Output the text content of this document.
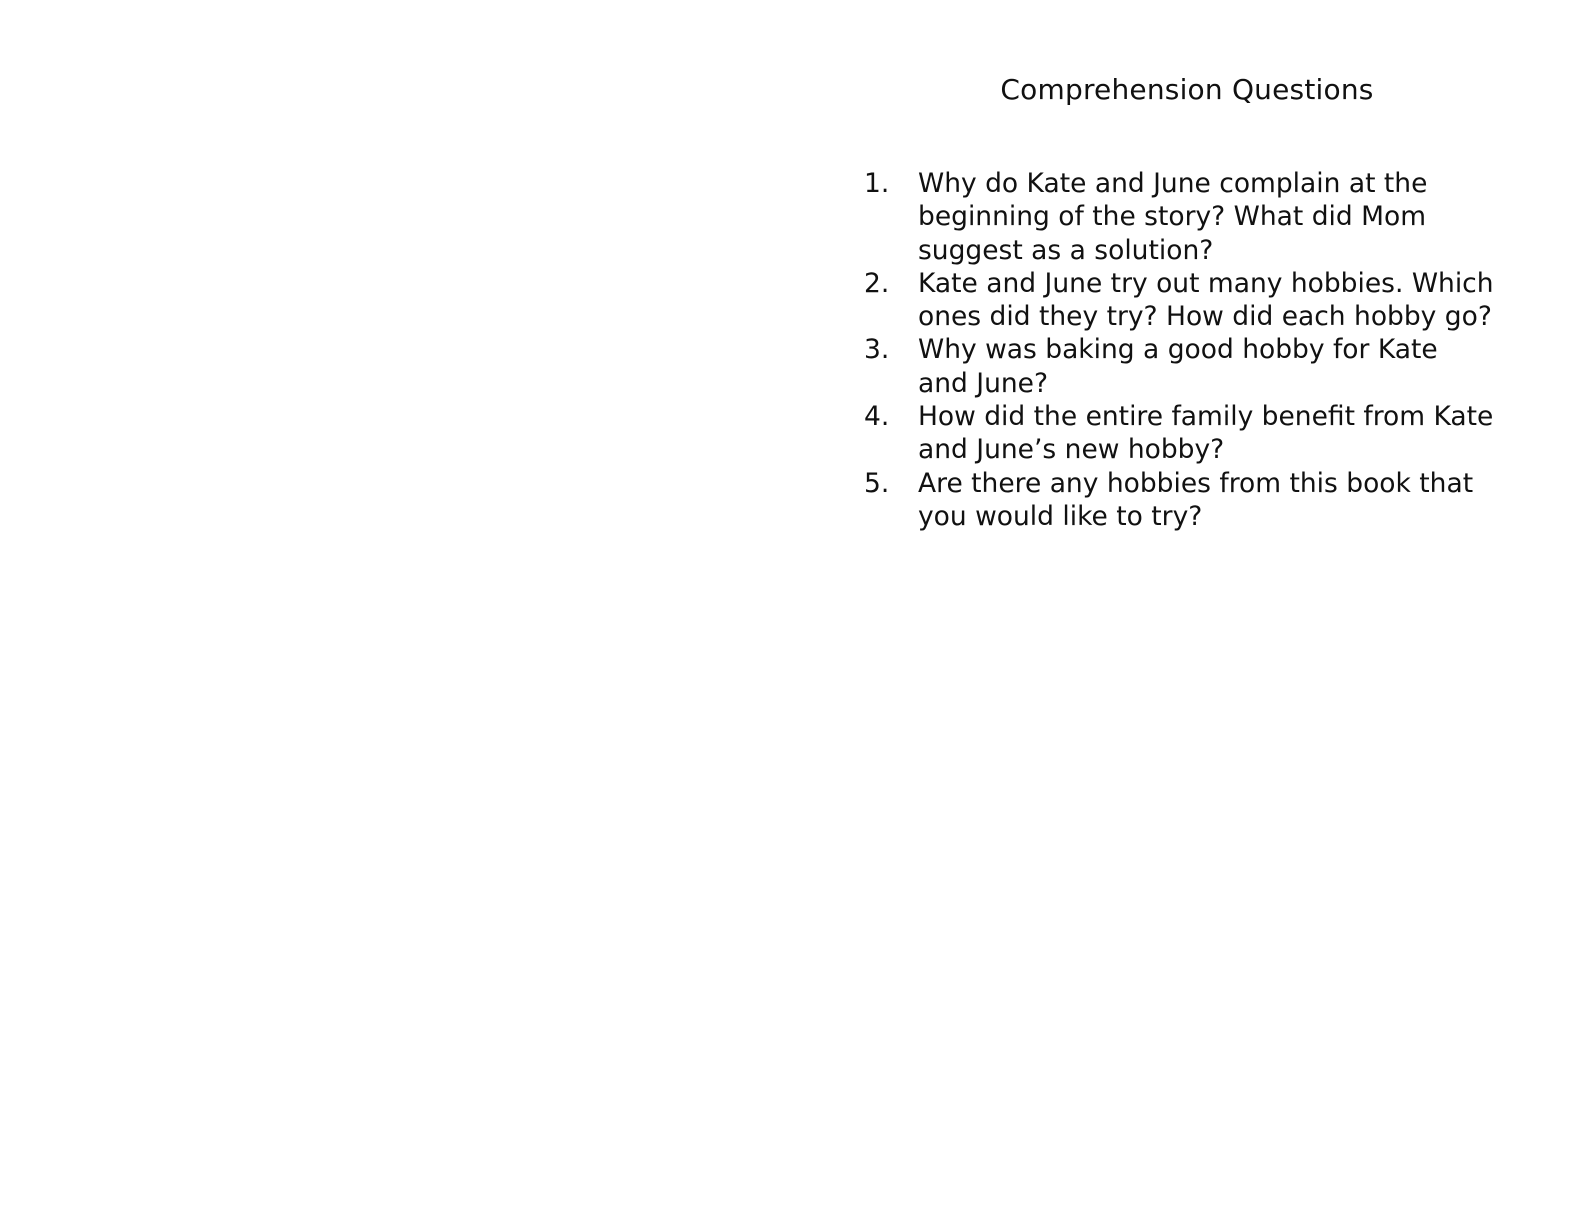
Comprehension Questions
1. Why do Kate and June complain at the
beginning of the story? What did Mom
suggest as a solution?
2. Kate and June try out many hobbies. Which
ones did they try? How did each hobby go?
3. Why was baking a good hobby for Kate
and June?
4. How did the entire family benefit from Kate
and June’s new hobby?
5. Are there any hobbies from this book that
you would like to try?
